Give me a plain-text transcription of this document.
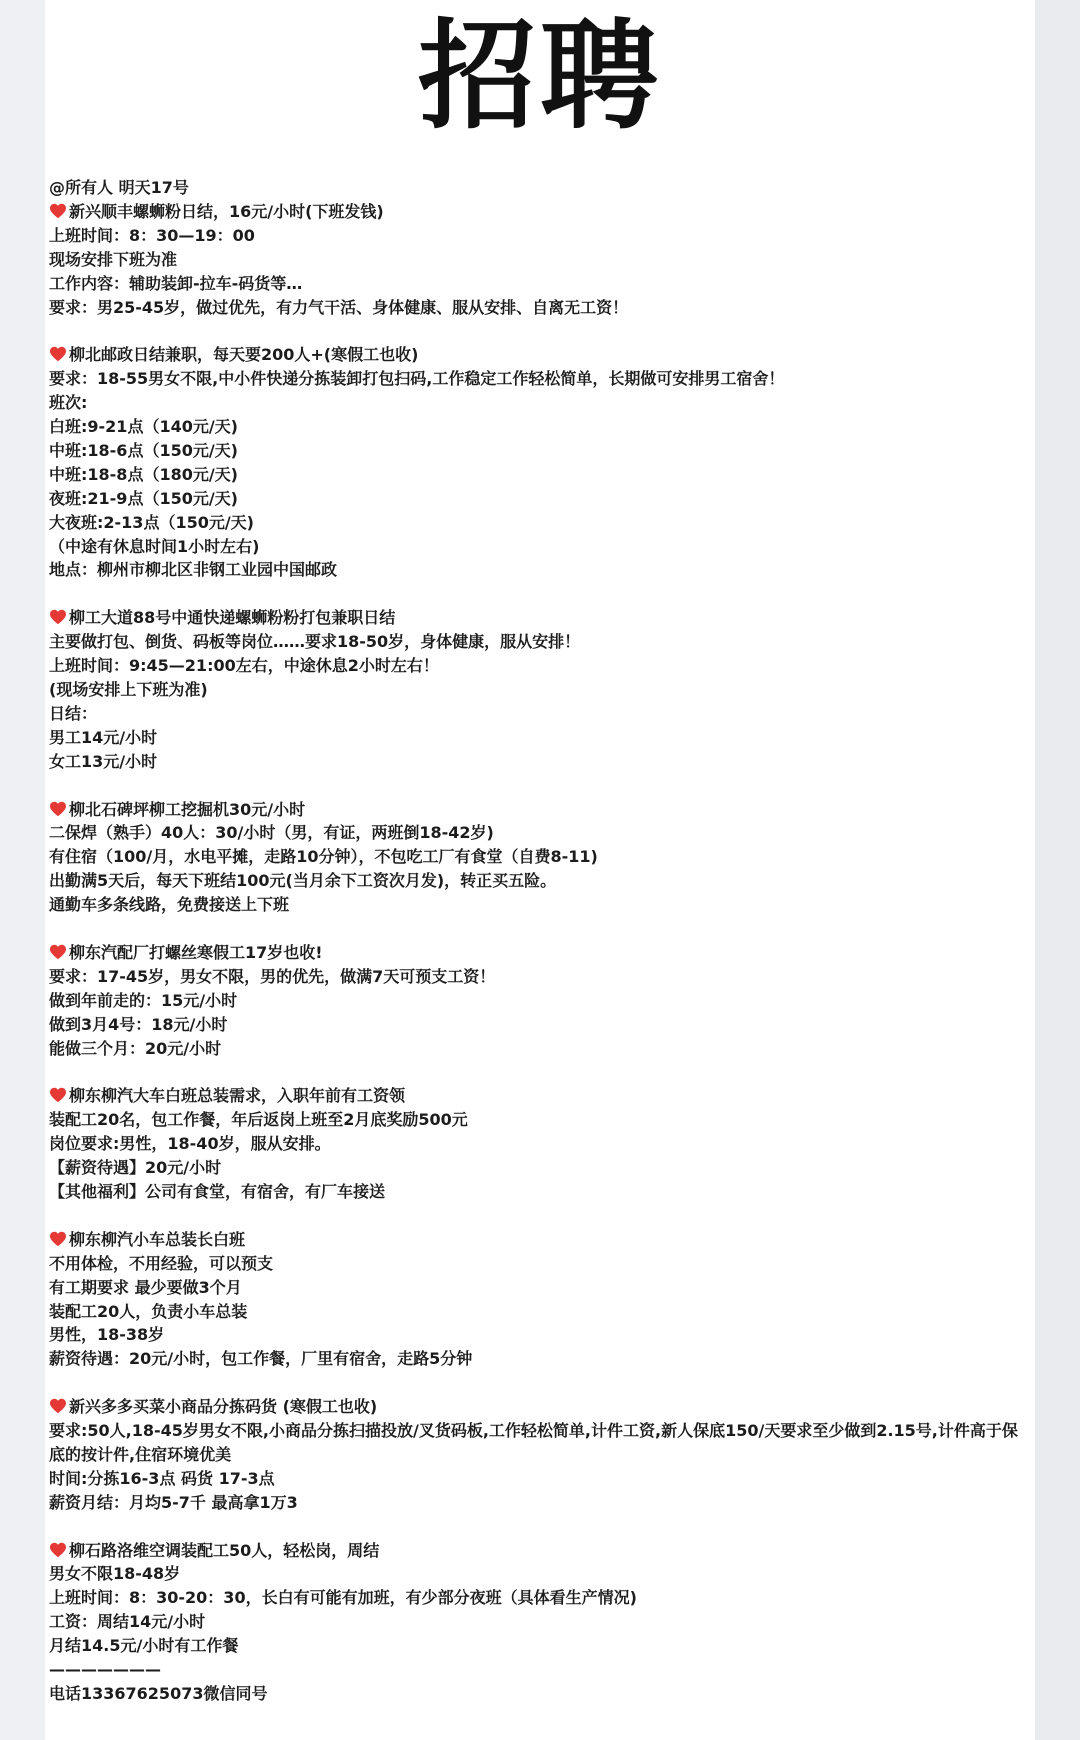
招聘
@所有人 明天17号
新兴顺丰螺蛳粉日结，16元/小时(下班发钱)
上班时间：8：30—19：00
现场安排下班为准
工作内容：辅助装卸-拉车-码货等…
要求：男25-45岁，做过优先，有力气干活、身体健康、服从安排、自离无工资！
柳北邮政日结兼职，每天要200人+(寒假工也收)
要求：18-55男女不限,中小件快递分拣装卸打包扫码,工作稳定工作轻松简单，长期做可安排男工宿舍！
班次:
白班:9-21点（140元/天)
中班:18-6点（150元/天)
中班:18-8点（180元/天)
夜班:21-9点（150元/天)
大夜班:2-13点（150元/天)
（中途有休息时间1小时左右)
地点：柳州市柳北区非钢工业园中国邮政
柳工大道88号中通快递螺蛳粉粉打包兼职日结
主要做打包、倒货、码板等岗位……要求18-50岁，身体健康，服从安排！
上班时间：9:45—21:00左右，中途休息2小时左右！
(现场安排上下班为准)
日结：
男工14元/小时
女工13元/小时
柳北石碑坪柳工挖掘机30元/小时
二保焊（熟手）40人：30/小时（男，有证，两班倒18-42岁)
有住宿（100/月，水电平摊，走路10分钟），不包吃工厂有食堂（自费8-11)
出勤满5天后，每天下班结100元(当月余下工资次月发)，转正买五险。
通勤车多条线路，免费接送上下班
柳东汽配厂打螺丝寒假工17岁也收!
要求：17-45岁，男女不限，男的优先，做满7天可预支工资！
做到年前走的：15元/小时
做到3月4号：18元/小时
能做三个月：20元/小时
柳东柳汽大车白班总装需求，入职年前有工资领
装配工20名，包工作餐，年后返岗上班至2月底奖励500元
岗位要求:男性，18-40岁，服从安排。
【薪资待遇】20元/小时
【其他福利】公司有食堂，有宿舍，有厂车接送
柳东柳汽小车总装长白班
不用体检，不用经验，可以预支
有工期要求 最少要做3个月
装配工20人，负责小车总装
男性，18-38岁
薪资待遇：20元/小时，包工作餐，厂里有宿舍，走路5分钟
新兴多多买菜小商品分拣码货 (寒假工也收)
要求:50人,18-45岁男女不限,小商品分拣扫描投放/叉货码板,工作轻松简单,计件工资,新人保底150/天要求至少做到2.15号,计件高于保底的按计件,住宿环境优美
时间:分拣16-3点 码货 17-3点
薪资月结：月均5-7千 最高拿1万3
柳石路洛维空调装配工50人，轻松岗，周结
男女不限18-48岁
上班时间：8：30-20：30，长白有可能有加班，有少部分夜班（具体看生产情况)
工资：周结14元/小时
月结14.5元/小时有工作餐
———————
电话13367625073微信同号
